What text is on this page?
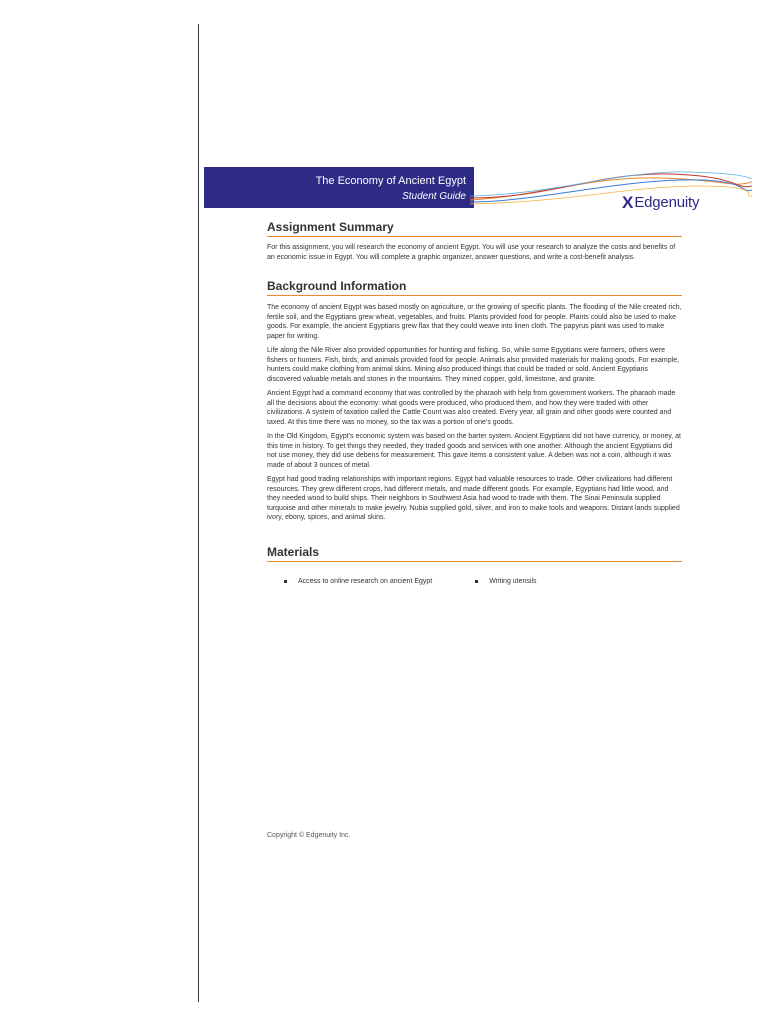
The Economy of Ancient Egypt
Student Guide	X Edgenuity
Assignment Summary

For this assignment, you will research the economy of ancient Egypt. You will use your research to analyze the costs and benefits of an economic issue in Egypt. You will complete a graphic organizer, answer questions, and write a cost-benefit analysis.

Background Information

The economy of ancient Egypt was based mostly on agriculture, or the growing of specific plants. The flooding of the Nile created rich, fertile soil, and the Egyptians grew wheat, vegetables, and fruits. Plants provided food for people. Plants could also be used to make goods. For example, the ancient Egyptians grew flax that they could weave into linen cloth. The papyrus plant was used to make paper for writing.

Life along the Nile River also provided opportunities for hunting and fishing. So, while some Egyptians were farmers, others were fishers or hunters. Fish, birds, and animals provided food for people. Animals also provided materials for making goods. For example, hunters could make clothing from animal skins. Mining also produced things that could be traded or sold. Ancient Egyptians discovered valuable metals and stones in the mountains. They mined copper, gold, limestone, and granite.

Ancient Egypt had a command economy that was controlled by the pharaoh with help from government workers. The pharaoh made all the decisions about the economy: what goods were produced, who produced them, and how they were traded with other civilizations. A system of taxation called the Cattle Count was also created. Every year, all grain and other goods were counted and taxed. At this time there was no money, so the tax was a portion of one’s goods.

In the Old Kingdom, Egypt’s economic system was based on the barter system. Ancient Egyptians did not have currency, or money, at this time in history. To get things they needed, they traded goods and services with one another. Although the ancient Egyptians did not use money, they did use debens for measurement. This gave items a consistent value. A deben was not a coin, although it was made of about 3 ounces of metal.

Egypt had good trading relationships with important regions. Egypt had valuable resources to trade. Other civilizations had different resources. They grew different crops, had different metals, and made different goods. For example, Egyptians had little wood, and they needed wood to build ships. Their neighbors in Southwest Asia had wood to trade with them. The Sinai Peninsula supplied turquoise and other minerals to make jewelry. Nubia supplied gold, silver, and iron to make tools and weapons. Distant lands supplied ivory, ebony, spices, and animal skins.

Materials
Access to online research on ancient Egypt	Writing utensils
Copyright © Edgenuity Inc.
